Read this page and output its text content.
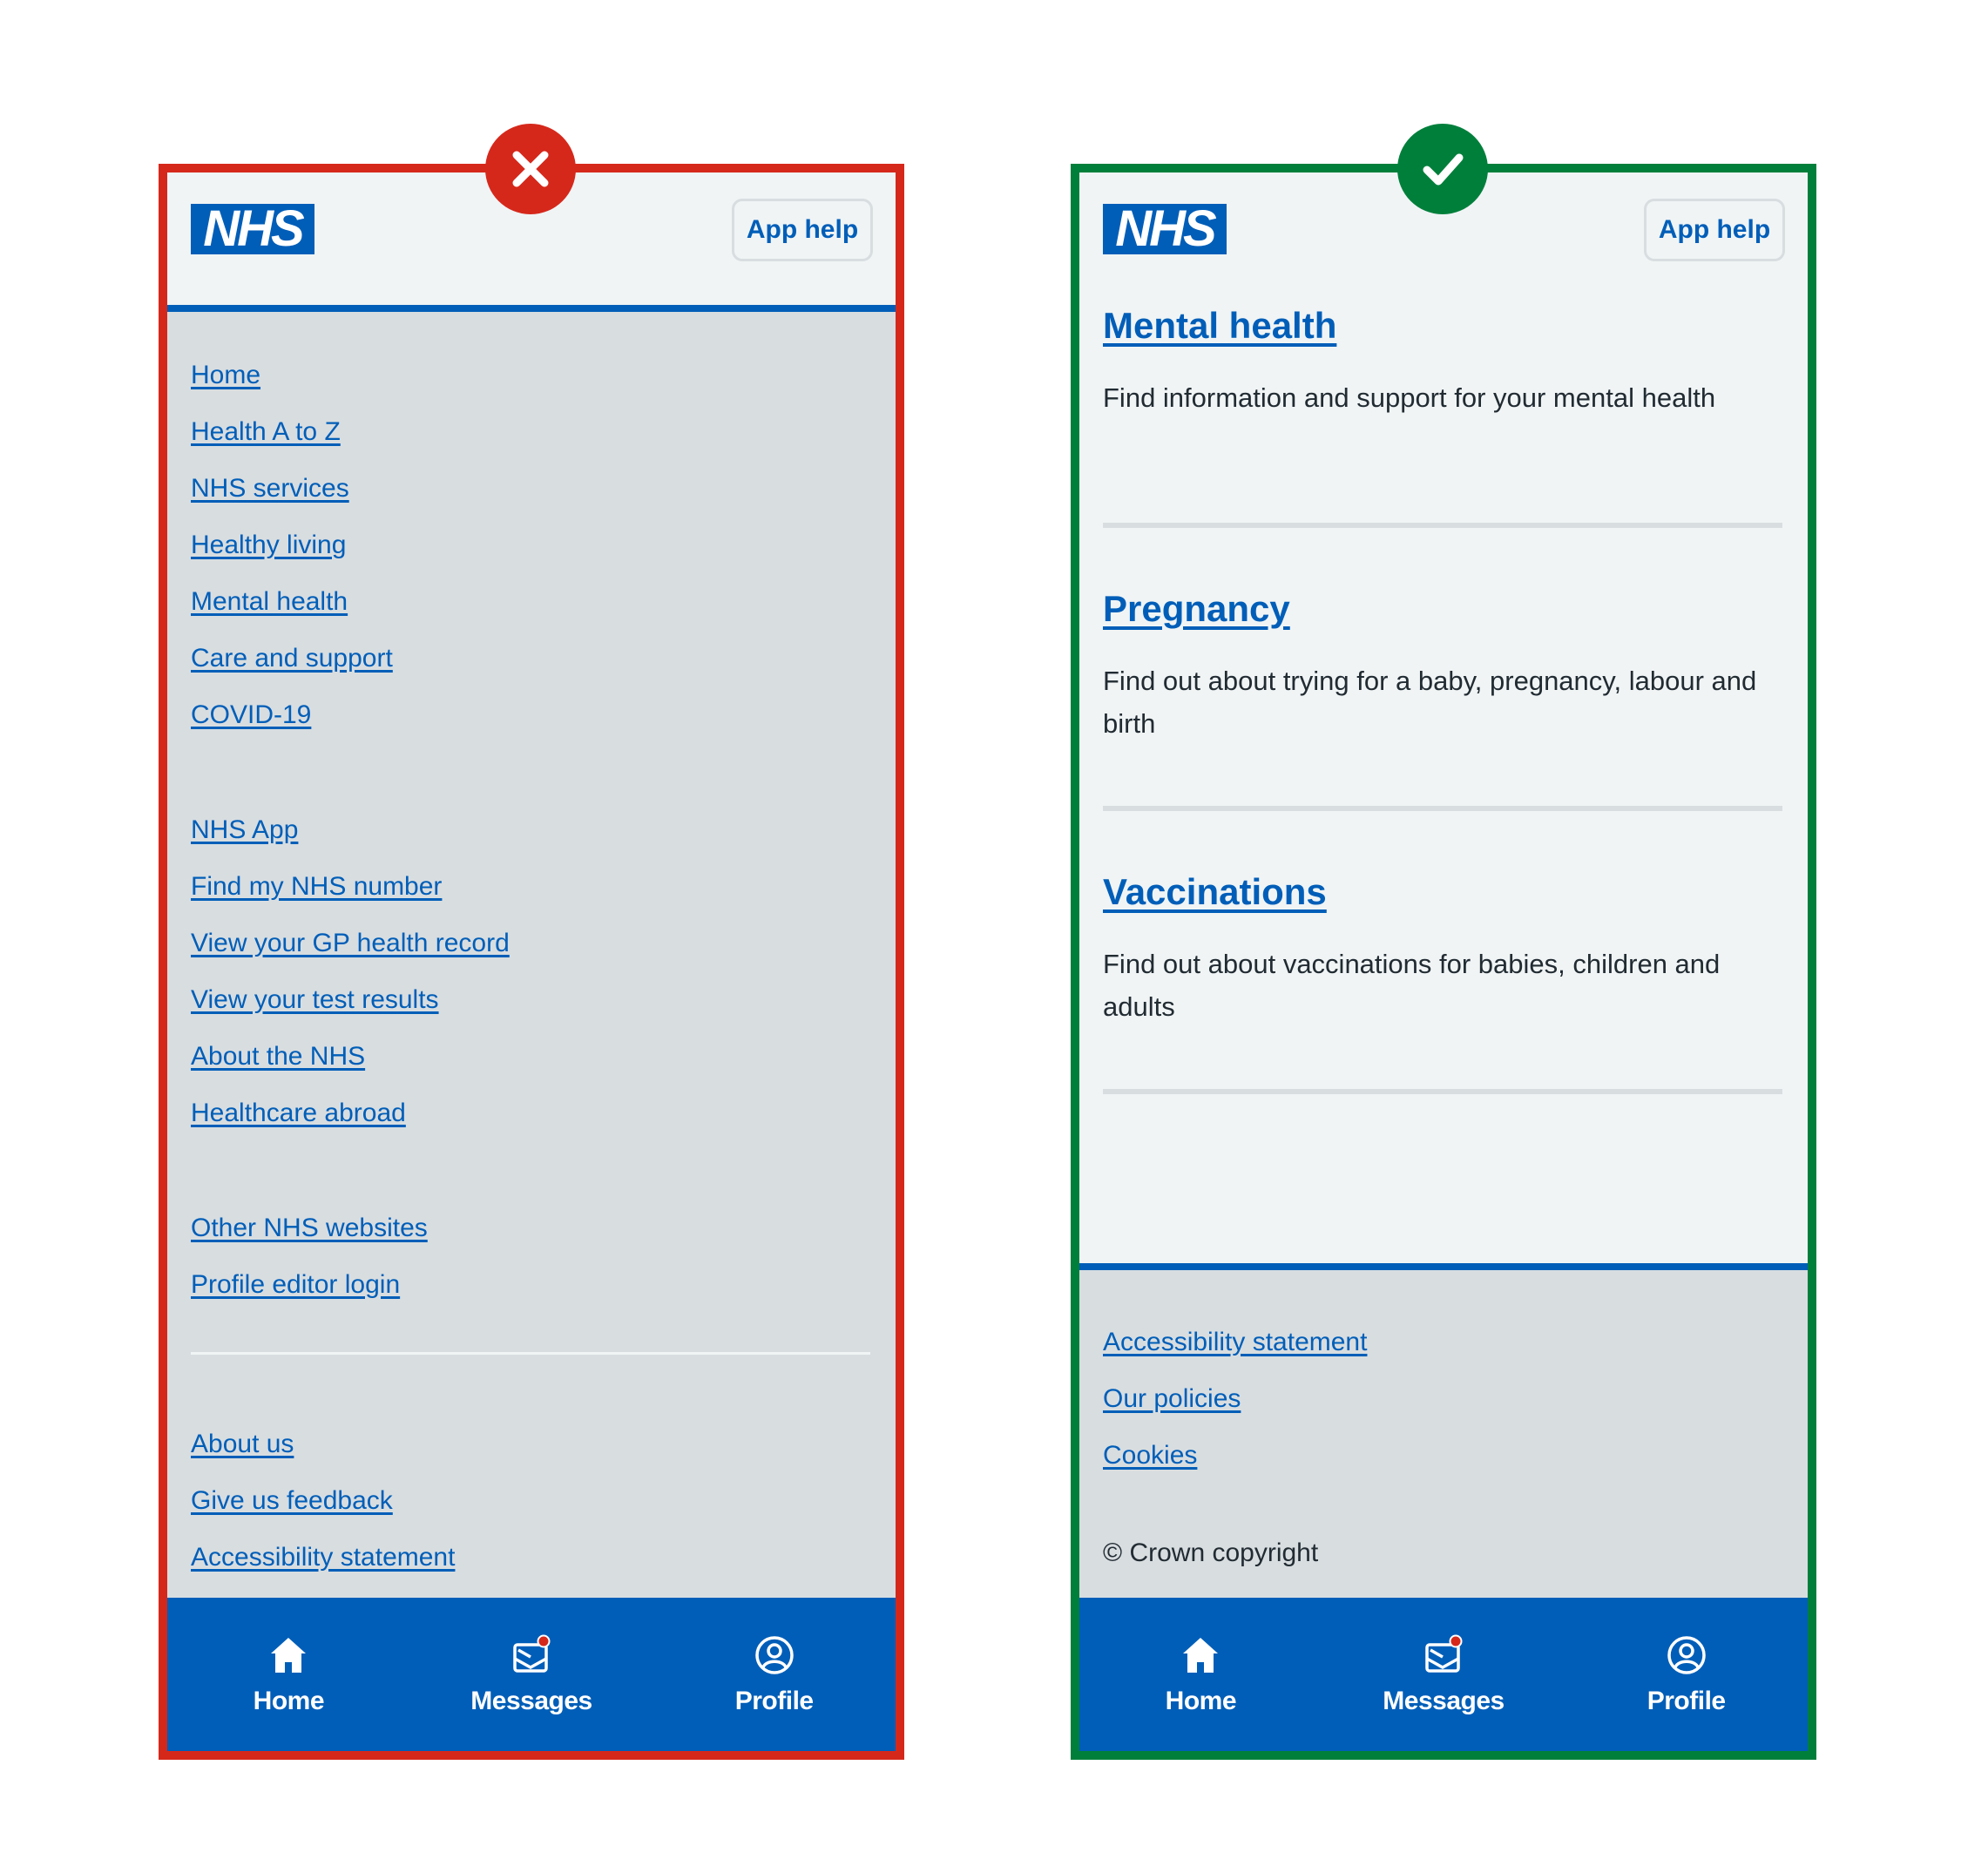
NHS	App help
Home
Health A to Z
NHS services
Healthy living
Mental health
Care and support
COVID-19
NHS App
Find my NHS number
View your GP health record
View your test results
About the NHS
Healthcare abroad
Other NHS websites
Profile editor login
About us
Give us feedback
Accessibility statement
Home	Messages	Profile
NHS	App help
Mental health

Find information and support for your mental health

Pregnancy

Find out about trying for a baby, pregnancy, labour and birth

Vaccinations

Find out about vaccinations for babies, children and adults

Accessibility statement
Our policies
Cookies
© Crown copyright
Home	Messages	Profile
